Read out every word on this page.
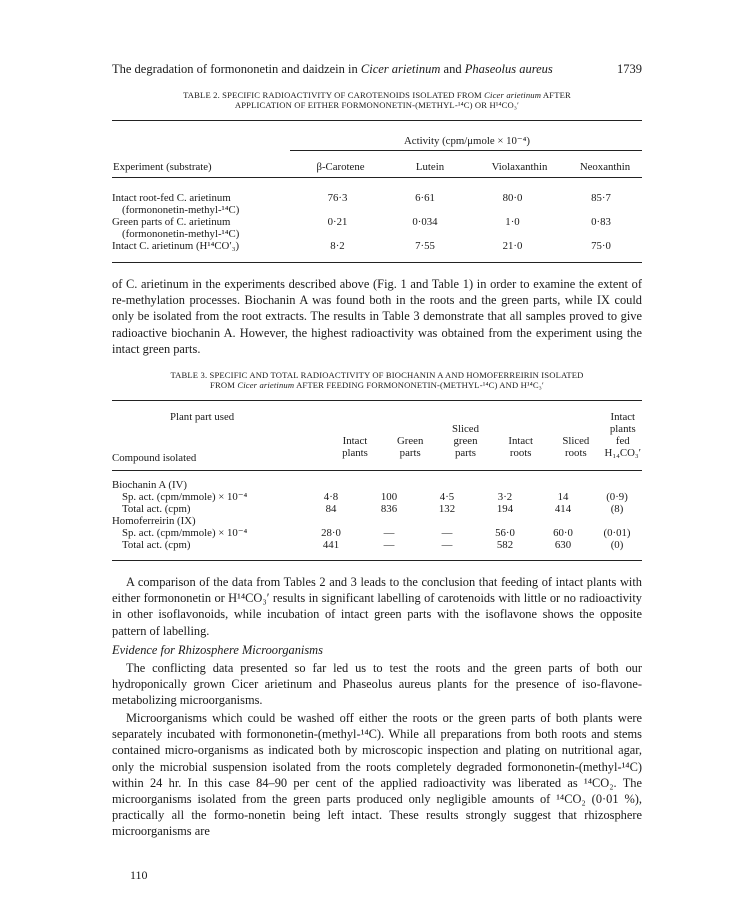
The degradation of formononetin and daidzein in Cicer arietinum and Phaseolus aureus	1739
TABLE 2. SPECIFIC RADIOACTIVITY OF CAROTENOIDS ISOLATED FROM Cicer arietinum AFTER
APPLICATION OF EITHER FORMONONETIN-(METHYL-¹⁴C) OR H¹⁴CO₃′
	Activity (cpm/μmole × 10⁻⁴)
Experiment (substrate)	β-Carotene	Lutein	Violaxanthin	Neoxanthin
Intact root-fed C. arietinum
(formononetin-methyl-¹⁴C)	76·3	6·61	80·0	85·7

Green parts of C. arietinum
(formononetin-methyl-¹⁴C)	0·21	0·034	1·0	0·83

Intact C. arietinum (H¹⁴CO′₃)	8·2	7·55	21·0	75·0

of C. arietinum in the experiments described above (Fig. 1 and Table 1) in order to examine the extent of re-methylation processes. Biochanin A was found both in the roots and the green parts, while IX could only be isolated from the root extracts. The results in Table 3 demonstrate that all samples proved to give radioactive biochanin A. However, the highest radioactivity was obtained from the experiment using the intact green parts.

TABLE 3. SPECIFIC AND TOTAL RADIOACTIVITY OF BIOCHANIN A AND HOMOFERREIRIN ISOLATED
FROM Cicer arietinum AFTER FEEDING FORMONONETIN-(METHYL-¹⁴C) AND H¹⁴C₃′
Plant part used	
Intact
plants

Green
parts

Sliced
green
parts

Intact
roots

Sliced
roots

Intact
plants
fed
H₁₄CO₃′
Compound isolated
Biochanin A (IV)						
Sp. act. (cpm/mmole) × 10⁻⁴	4·8	100	4·5	3·2	14	(0·9)
Total act. (cpm)	84	836	132	194	414	(8)
Homoferreirin (IX)						
Sp. act. (cpm/mmole) × 10⁻⁴	28·0	—	—	56·0	60·0	(0·01)
Total act. (cpm)	441	—	—	582	630	(0)

A comparison of the data from Tables 2 and 3 leads to the conclusion that feeding of intact plants with either formononetin or H¹⁴CO₃′ results in significant labelling of carotenoids with little or no radioactivity in other isoflavonoids, while incubation of intact green parts with the isoflavone shows the opposite pattern of labelling.

Evidence for Rhizosphere Microorganisms

The conflicting data presented so far led us to test the roots and the green parts of both our hydroponically grown Cicer arietinum and Phaseolus aureus plants for the presence of iso-flavone-metabolizing microorganisms.

Microorganisms which could be washed off either the roots or the green parts of both plants were separately incubated with formononetin-(methyl-¹⁴C). While all preparations from both roots and stems contained micro-organisms as indicated both by microscopic inspection and plating on nutritional agar, only the microbial suspension isolated from the roots completely degraded formononetin-(methyl-¹⁴C) within 24 hr. In this case 84–90 per cent of the applied radioactivity was liberated as ¹⁴CO₂. The microorganisms isolated from the green parts produced only negligible amounts of ¹⁴CO₂ (0·01 %), practically all the formo-nonetin being left intact. These results strongly suggest that rhizosphere microorganisms are

110
